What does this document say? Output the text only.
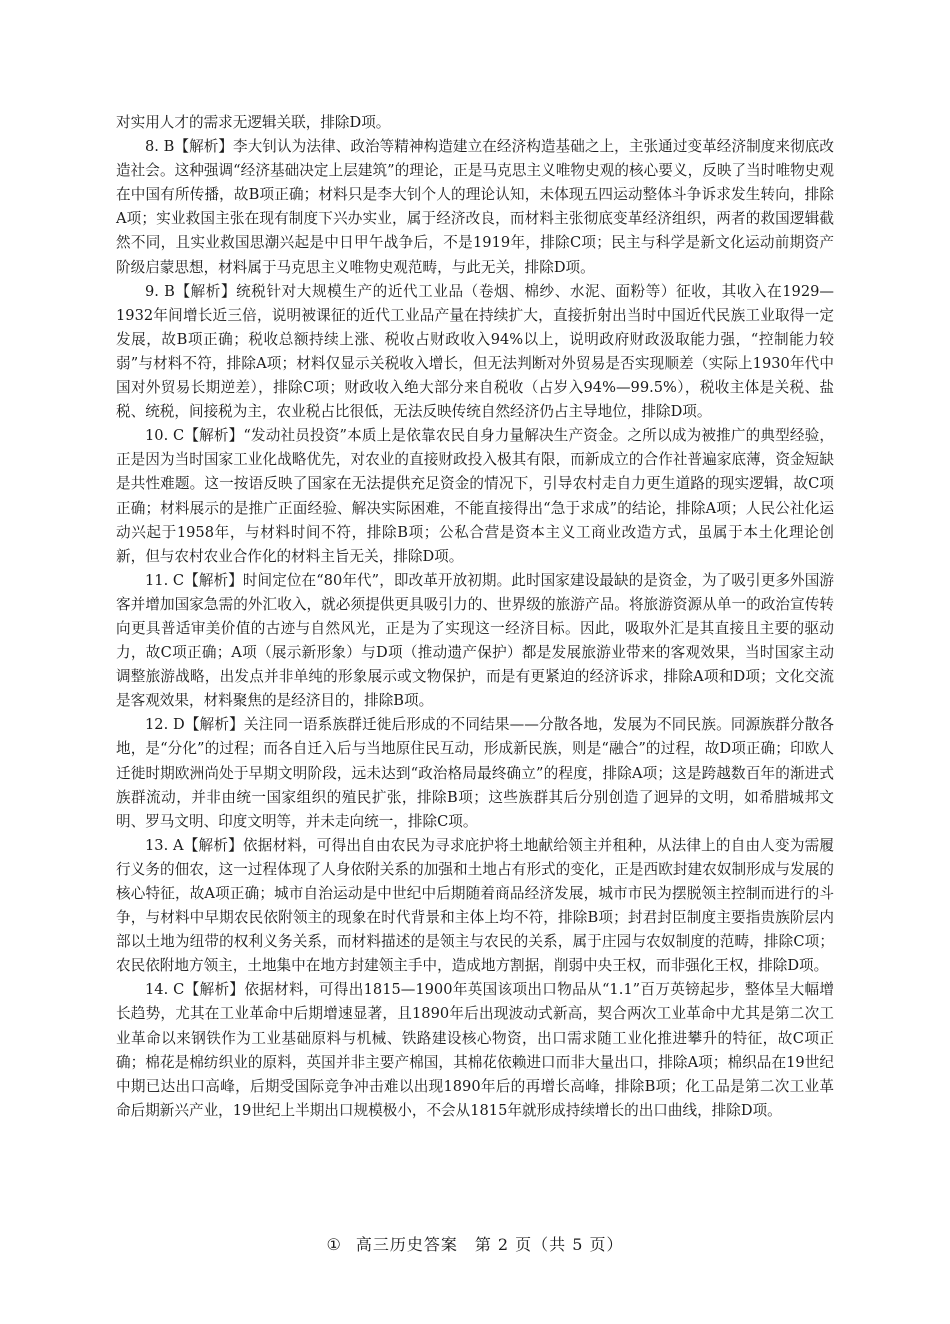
对实用人才的需求无逻辑关联，排除D项。

8. B【解析】李大钊认为法律、政治等精神构造建立在经济构造基础之上，主张通过变革经济制度来彻底改造社会。这种强调“经济基础决定上层建筑”的理论，正是马克思主义唯物史观的核心要义，反映了当时唯物史观在中国有所传播，故B项正确；材料只是李大钊个人的理论认知，未体现五四运动整体斗争诉求发生转向，排除A项；实业救国主张在现有制度下兴办实业，属于经济改良，而材料主张彻底变革经济组织，两者的救国逻辑截然不同，且实业救国思潮兴起是中日甲午战争后，不是1919年，排除C项；民主与科学是新文化运动前期资产阶级启蒙思想，材料属于马克思主义唯物史观范畴，与此无关，排除D项。

9. B【解析】统税针对大规模生产的近代工业品（卷烟、棉纱、水泥、面粉等）征收，其收入在1929—1932年间增长近三倍，说明被课征的近代工业品产量在持续扩大，直接折射出当时中国近代民族工业取得一定发展，故B项正确；税收总额持续上涨、税收占财政收入94%以上，说明政府财政汲取能力强，“控制能力较弱”与材料不符，排除A项；材料仅显示关税收入增长，但无法判断对外贸易是否实现顺差（实际上1930年代中国对外贸易长期逆差），排除C项；财政收入绝大部分来自税收（占岁入94%—99.5%），税收主体是关税、盐税、统税，间接税为主，农业税占比很低，无法反映传统自然经济仍占主导地位，排除D项。

10. C【解析】“发动社员投资”本质上是依靠农民自身力量解决生产资金。之所以成为被推广的典型经验，正是因为当时国家工业化战略优先，对农业的直接财政投入极其有限，而新成立的合作社普遍家底薄，资金短缺是共性难题。这一按语反映了国家在无法提供充足资金的情况下，引导农村走自力更生道路的现实逻辑，故C项正确；材料展示的是推广正面经验、解决实际困难，不能直接得出“急于求成”的结论，排除A项；人民公社化运动兴起于1958年，与材料时间不符，排除B项；公私合营是资本主义工商业改造方式，虽属于本土化理论创新，但与农村农业合作化的材料主旨无关，排除D项。

11. C【解析】时间定位在“80年代”，即改革开放初期。此时国家建设最缺的是资金，为了吸引更多外国游客并增加国家急需的外汇收入，就必须提供更具吸引力的、世界级的旅游产品。将旅游资源从单一的政治宣传转向更具普适审美价值的古迹与自然风光，正是为了实现这一经济目标。因此，吸取外汇是其直接且主要的驱动力，故C项正确；A项（展示新形象）与D项（推动遗产保护）都是发展旅游业带来的客观效果，当时国家主动调整旅游战略，出发点并非单纯的形象展示或文物保护，而是有更紧迫的经济诉求，排除A项和D项；文化交流是客观效果，材料聚焦的是经济目的，排除B项。

12. D【解析】关注同一语系族群迁徙后形成的不同结果——分散各地，发展为不同民族。同源族群分散各地，是“分化”的过程；而各自迁入后与当地原住民互动，形成新民族，则是“融合”的过程，故D项正确；印欧人迁徙时期欧洲尚处于早期文明阶段，远未达到“政治格局最终确立”的程度，排除A项；这是跨越数百年的渐进式族群流动，并非由统一国家组织的殖民扩张，排除B项；这些族群其后分别创造了迥异的文明，如希腊城邦文明、罗马文明、印度文明等，并未走向统一，排除C项。

13. A【解析】依据材料，可得出自由农民为寻求庇护将土地献给领主并租种，从法律上的自由人变为需履行义务的佃农，这一过程体现了人身依附关系的加强和土地占有形式的变化，正是西欧封建农奴制形成与发展的核心特征，故A项正确；城市自治运动是中世纪中后期随着商品经济发展，城市市民为摆脱领主控制而进行的斗争，与材料中早期农民依附领主的现象在时代背景和主体上均不符，排除B项；封君封臣制度主要指贵族阶层内部以土地为纽带的权利义务关系，而材料描述的是领主与农民的关系，属于庄园与农奴制度的范畴，排除C项；农民依附地方领主，土地集中在地方封建领主手中，造成地方割据，削弱中央王权，而非强化王权，排除D项。

14. C【解析】依据材料，可得出1815—1900年英国该项出口物品从“1.1”百万英镑起步，整体呈大幅增长趋势，尤其在工业革命中后期增速显著，且1890年后出现波动式新高，契合两次工业革命中尤其是第二次工业革命以来钢铁作为工业基础原料与机械、铁路建设核心物资，出口需求随工业化推进攀升的特征，故C项正确；棉花是棉纺织业的原料，英国并非主要产棉国，其棉花依赖进口而非大量出口，排除A项；棉织品在19世纪中期已达出口高峰，后期受国际竞争冲击难以出现1890年后的再增长高峰，排除B项；化工品是第二次工业革命后期新兴产业，19世纪上半期出口规模极小，不会从1815年就形成持续增长的出口曲线，排除D项。

① 高三历史答案　第 2 页（共 5 页）
